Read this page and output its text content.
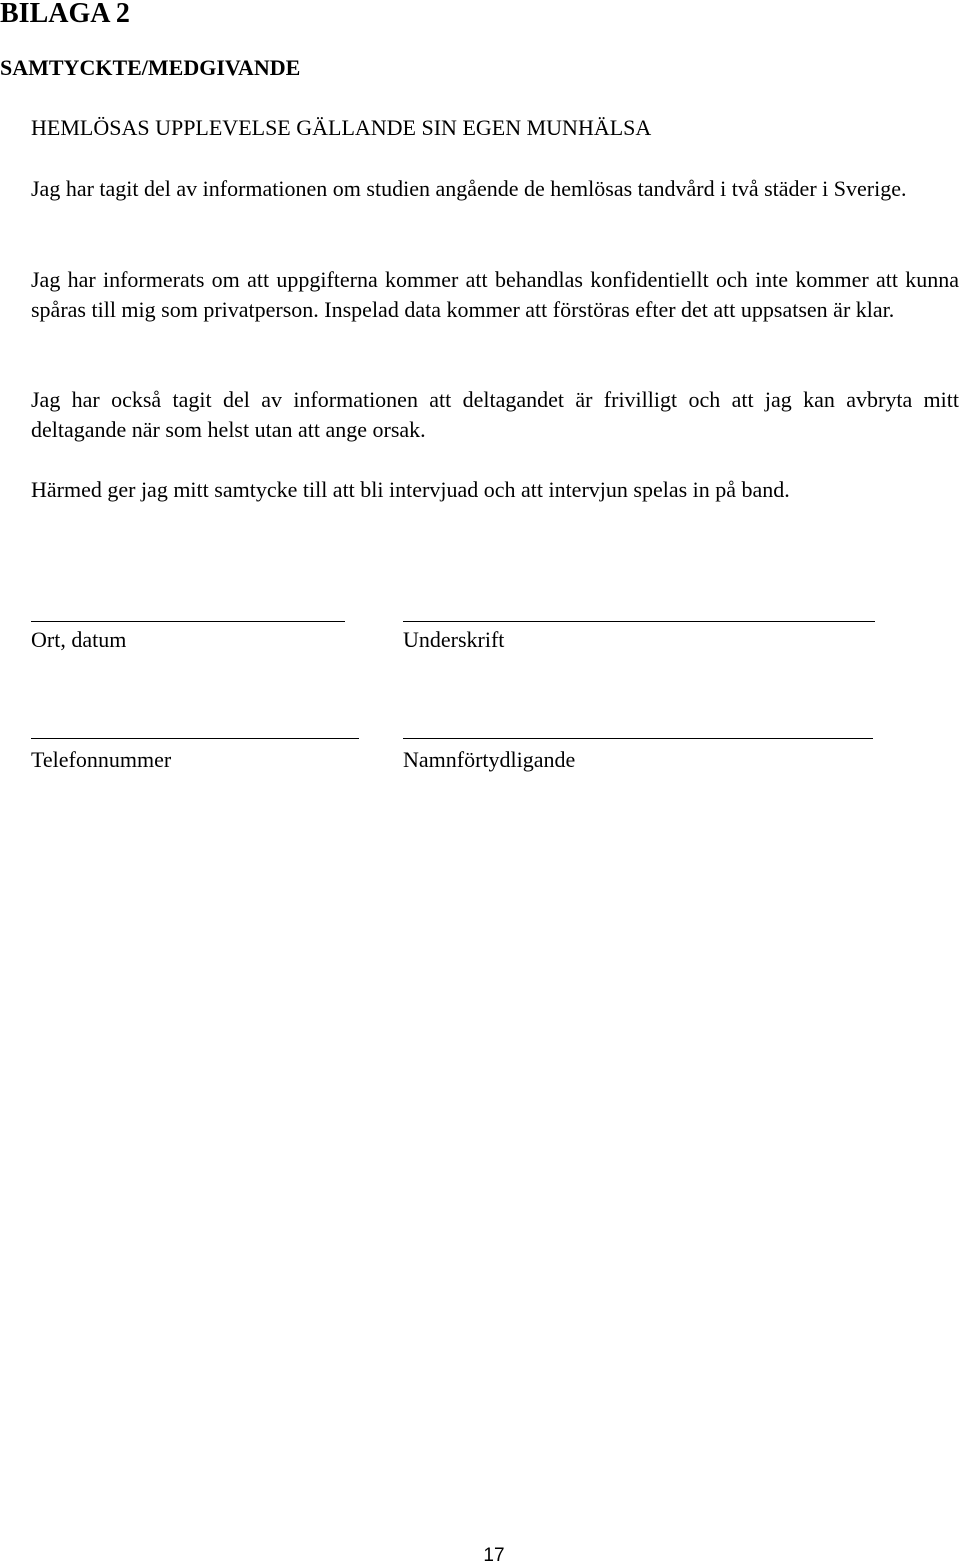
BILAGA 2
SAMTYCKTE/MEDGIVANDE
HEMLÖSAS UPPLEVELSE GÄLLANDE SIN EGEN MUNHÄLSA
Jag har tagit del av informationen om studien angående de hemlösas tandvård i två städer i Sverige.
Jag har informerats om att uppgifterna kommer att behandlas konfidentiellt och inte kommer att kunna spåras till mig som privatperson. Inspelad data kommer att förstöras efter det att uppsatsen är klar.
Jag har också tagit del av informationen att deltagandet är frivilligt och att jag kan avbryta mitt deltagande när som helst utan att ange orsak.
Härmed ger jag mitt samtycke till att bli intervjuad och att intervjun spelas in på band.
Ort, datum	Underskrift
Telefonnummer	Namnförtydligande
17
